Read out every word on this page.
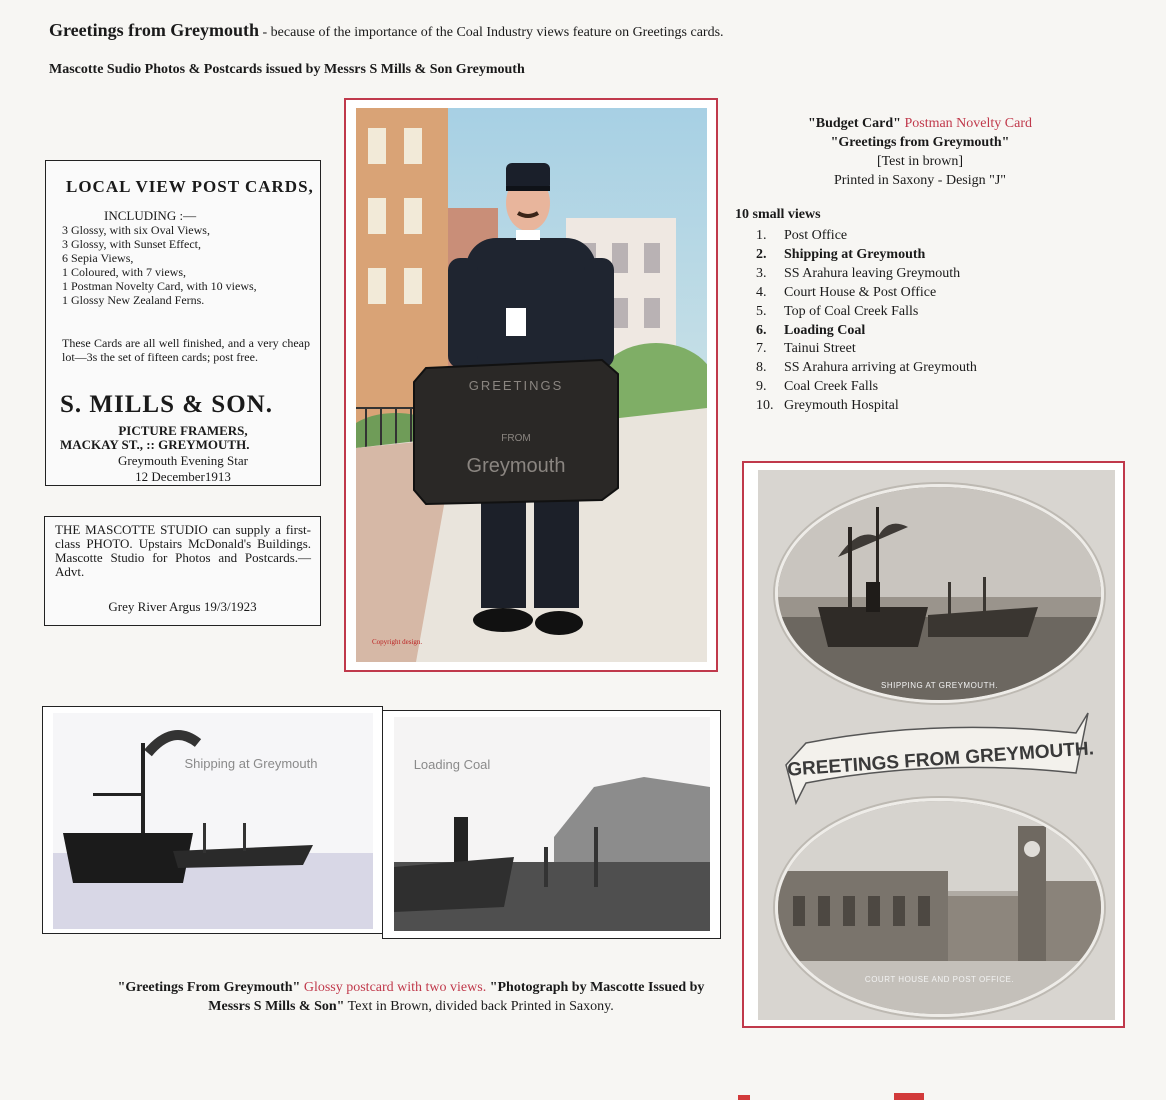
Greetings from Greymouth - because of the importance of the Coal Industry views feature on Greetings cards.
Mascotte Sudio Photos & Postcards issued by Messrs S Mills & Son Greymouth
LOCAL VIEW POST CARDS,
INCLUDING :—
3 Glossy, with six Oval Views,
3 Glossy, with Sunset Effect,
6 Sepia Views,
1 Coloured, with 7 views,
1 Postman Novelty Card, with 10 views,
1 Glossy New Zealand Ferns.
These Cards are all well finished, and a very cheap lot—3s the set of fifteen cards; post free.
S. MILLS & SON.
PICTURE FRAMERS,
MACKAY ST., :: GREYMOUTH.
Greymouth Evening Star
12 December1913
THE MASCOTTE STUDIO can supply a first-class PHOTO. Upstairs McDonald's Buildings. Mascotte Studio for Photos and Postcards.—Advt.
Grey River Argus 19/3/1923
GREETINGS
FROM
Greymouth
Copyright design.
"Budget Card" Postman Novelty Card
"Greetings from Greymouth"
[Test in brown]
Printed in Saxony - Design "J"
10 small views
1. Post Office
2. Shipping at Greymouth
3. SS Arahura leaving Greymouth
4. Court House & Post Office
5. Top of Coal Creek Falls
6. Loading Coal
7. Tainui Street
8. SS Arahura arriving at Greymouth
9. Coal Creek Falls
10. Greymouth Hospital
SHIPPING AT GREYMOUTH.
GREETINGS FROM GREYMOUTH.
COURT HOUSE AND POST OFFICE.
Shipping at Greymouth	Loading Coal
"Greetings From Greymouth" Glossy postcard with two views. "Photograph by Mascotte Issued by Messrs S Mills & Son" Text in Brown, divided back Printed in Saxony.
